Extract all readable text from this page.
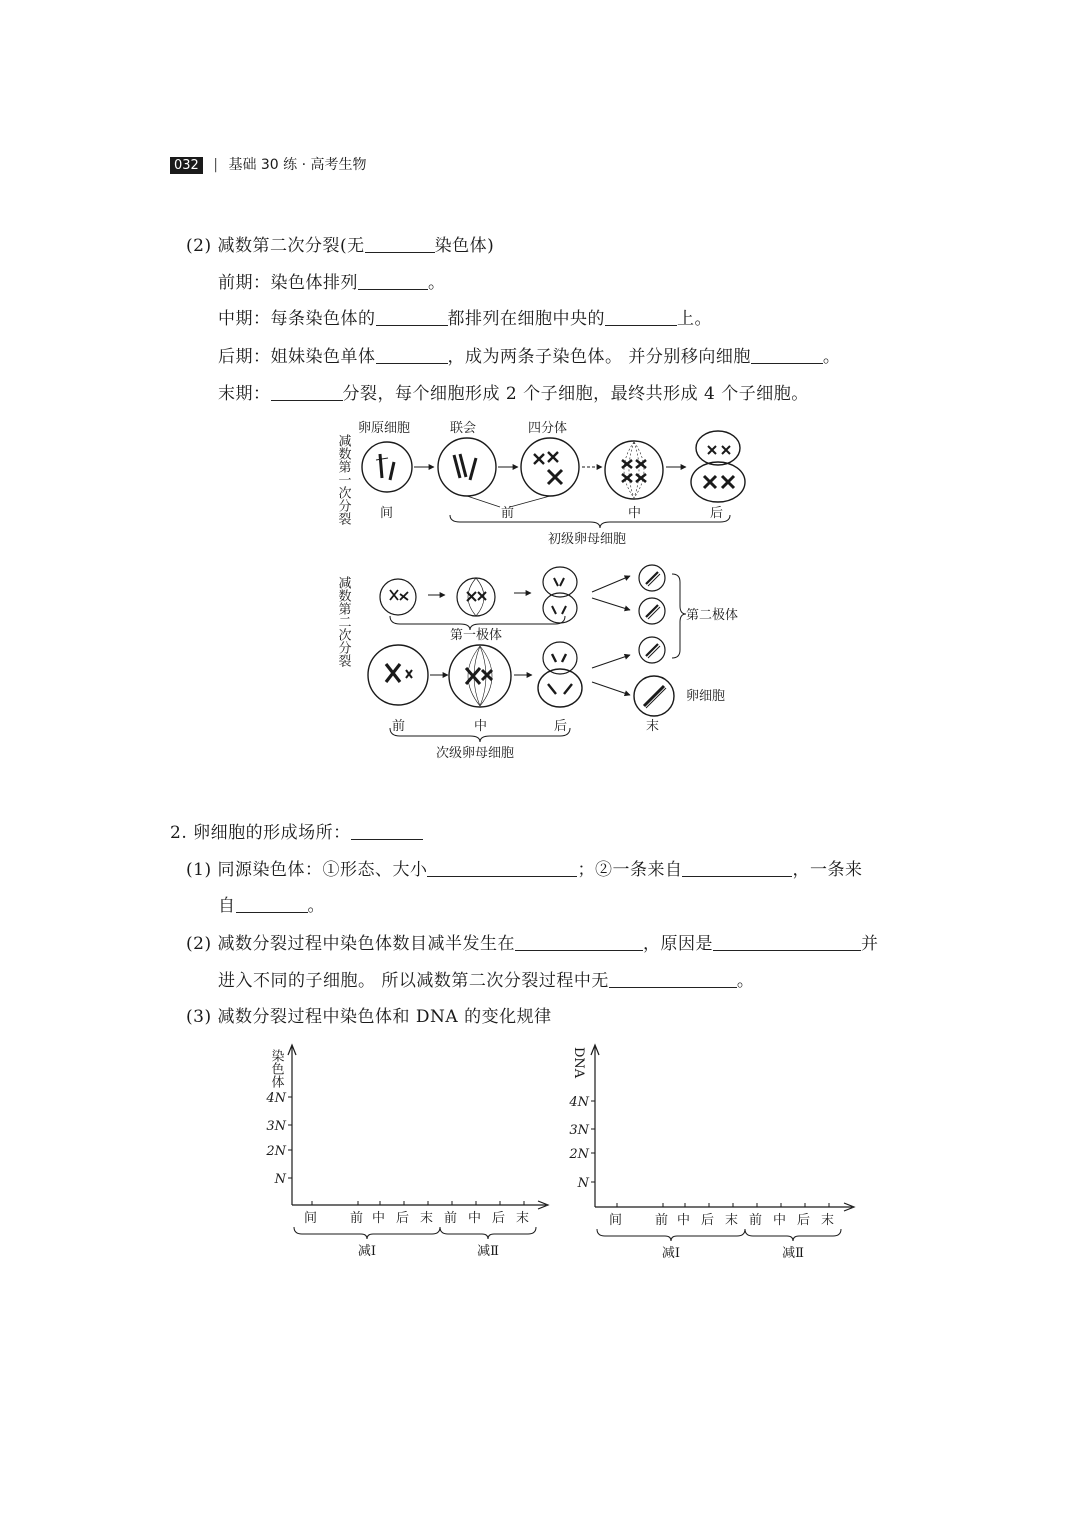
032 | 基础 30 练 · 高考生物
(2) 减数第二次分裂(无	染色体)
前期：染色体排列	。
中期：每条染色体的	都排列在细胞中央的	上。
后期：姐妹染色单体	，成为两条子染色体。 并分别移向细胞	。
末期：	分裂，每个细胞形成 2 个子细胞，最终共形成 4 个子细胞。
减数第一次分裂
减数第二次分裂
卵原细胞	联会	四分体
间	前	中	后
初级卵母细胞
第一极体
第二极体
卵细胞
前	中	后	末
次级卵母细胞
2. 卵细胞的形成场所：
(1) 同源染色体：①形态、大小	；②一条来自	，一条来
自	。
(2) 减数分裂过程中染色体数目减半发生在	，原因是	并
进入不同的子细胞。 所以减数第二次分裂过程中无	。
(3) 减数分裂过程中染色体和 DNA 的变化规律
染色体
4N
3N
2N
N
间	前 中 后 末 前 中 后 末
减Ⅰ	减Ⅱ
DNA
4N
3N
2N
N
间	前 中 后 末 前 中 后 末
减Ⅰ	减Ⅱ
